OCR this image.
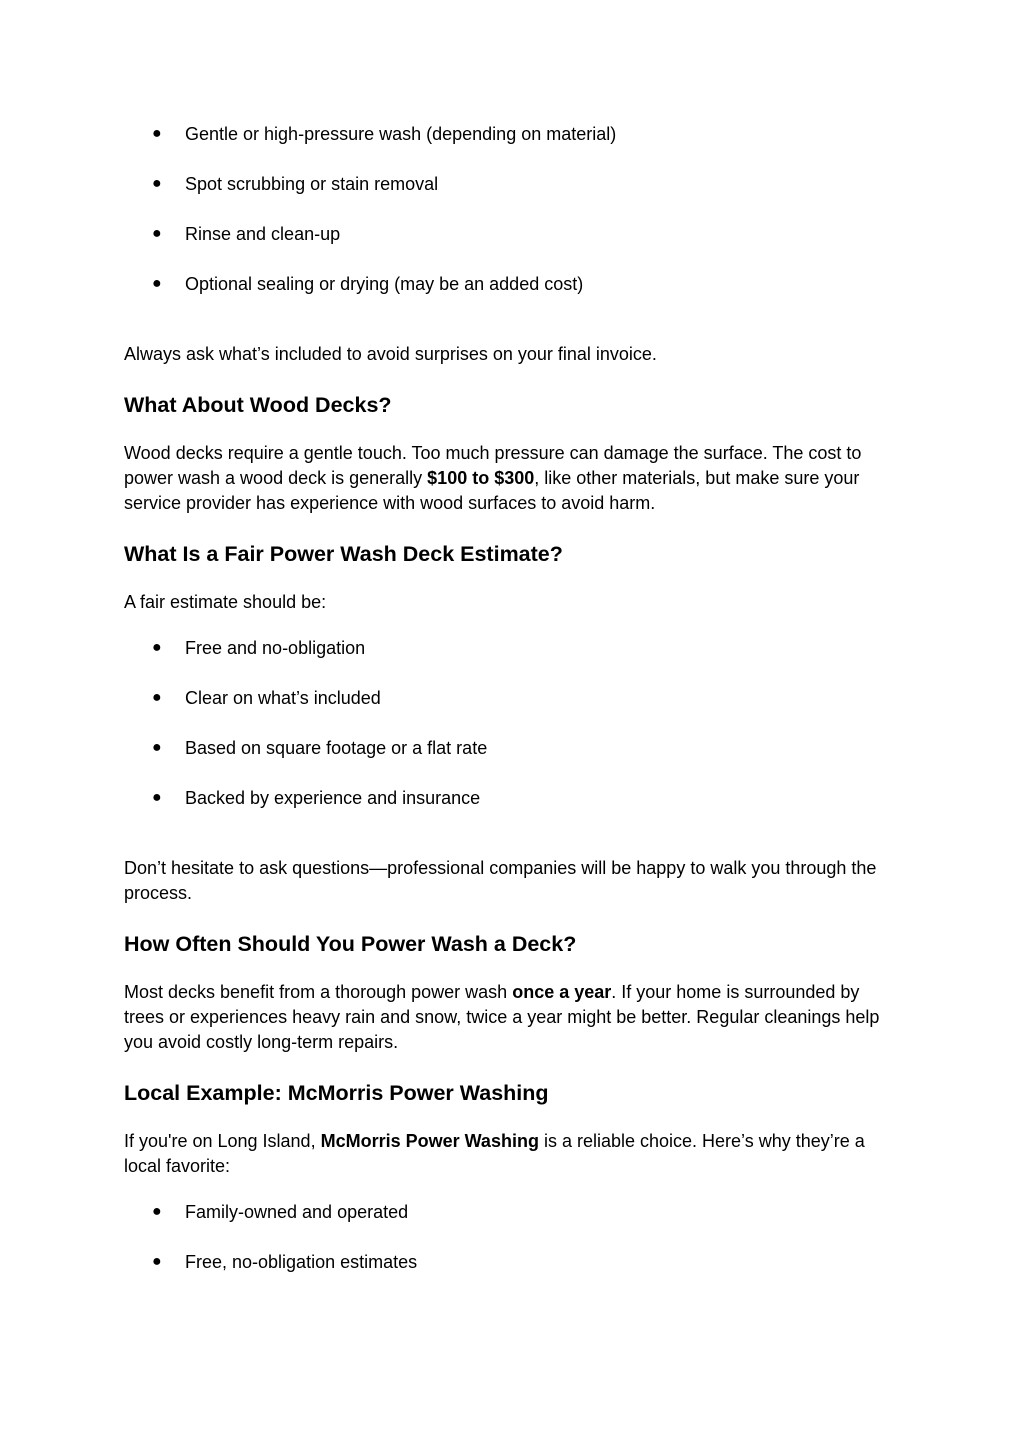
● Gentle or high-pressure wash (depending on material)
● Spot scrubbing or stain removal
● Rinse and clean-up
● Optional sealing or drying (may be an added cost)

Always ask what’s included to avoid surprises on your final invoice.

What About Wood Decks?

Wood decks require a gentle touch. Too much pressure can damage the surface. The cost to power wash a wood deck is generally $100 to $300, like other materials, but make sure your service provider has experience with wood surfaces to avoid harm.

What Is a Fair Power Wash Deck Estimate?

A fair estimate should be:

● Free and no-obligation
● Clear on what’s included
● Based on square footage or a flat rate
● Backed by experience and insurance

Don’t hesitate to ask questions—professional companies will be happy to walk you through the process.

How Often Should You Power Wash a Deck?

Most decks benefit from a thorough power wash once a year. If your home is surrounded by trees or experiences heavy rain and snow, twice a year might be better. Regular cleanings help you avoid costly long-term repairs.

Local Example: McMorris Power Washing

If you're on Long Island, McMorris Power Washing is a reliable choice. Here’s why they’re a local favorite:

● Family-owned and operated
● Free, no-obligation estimates
